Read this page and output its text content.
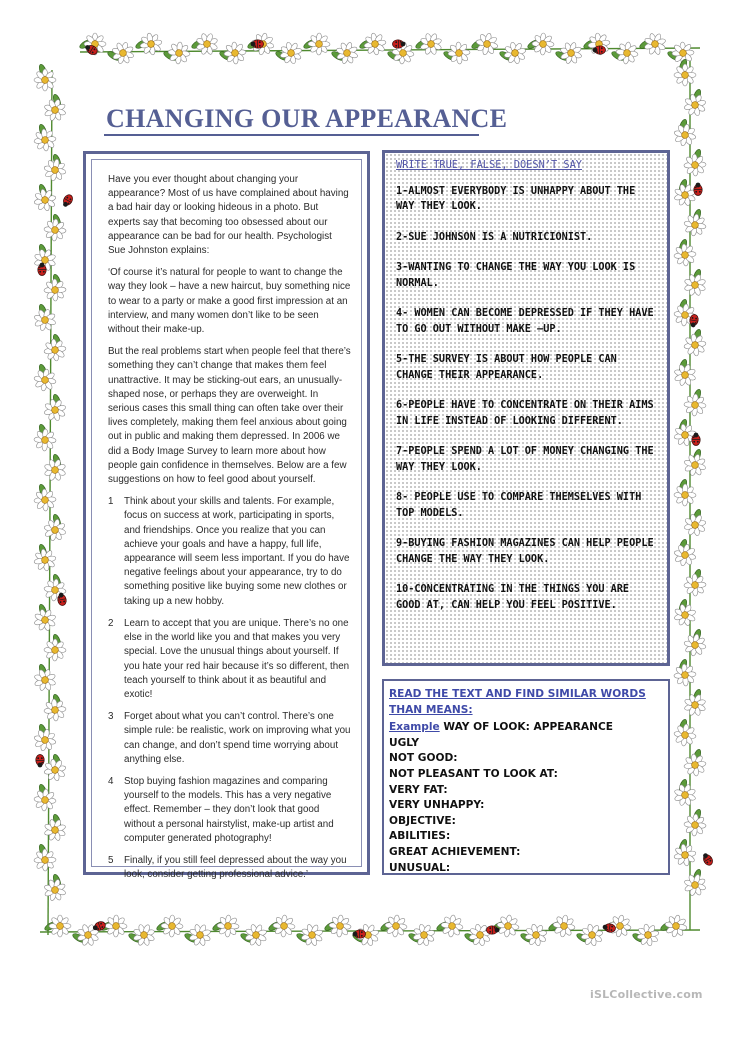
CHANGING OUR APPEARANCE

Have you ever thought about changing your appearance? Most of us have complained about having a bad hair day or looking hideous in a photo. But experts say that becoming too obsessed about our appearance can be bad for our health. Psychologist Sue Johnston explains:

‘Of course it’s natural for people to want to change the way they look – have a new haircut, buy something nice to wear to a party or make a good first impression at an interview, and many women don’t like to be seen without their make-up.

But the real problems start when people feel that there’s something they can’t change that makes them feel unattractive. It may be sticking-out ears, an unusually-shaped nose, or perhaps they are overweight. In serious cases this small thing can often take over their lives completely, making them feel anxious about going out in public and making them depressed. In 2006 we did a Body Image Survey to learn more about how people gain confidence in themselves. Below are a few suggestions on how to feel good about yourself.

1	Think about your skills and talents. For example, focus on success at work, participating in sports, and friendships. Once you realize that you can achieve your goals and have a happy, full life, appearance will seem less important. If you do have negative feelings about your appearance, try to do something positive like buying some new clothes or taking up a new hobby.
2	Learn to accept that you are unique. There’s no one else in the world like you and that makes you very special. Love the unusual things about yourself. If you hate your red hair because it’s so different, then teach yourself to think about it as beautiful and exotic!
3	Forget about what you can’t control. There’s one simple rule: be realistic, work on improving what you can change, and don’t spend time worrying about anything else.
4	Stop buying fashion magazines and comparing yourself to the models. This has a very negative effect. Remember – they don’t look that good without a personal hairstylist, make-up artist and computer generated photography!
5	Finally, if you still feel depressed about the way you look, consider getting professional advice.’
WRITE TRUE, FALSE, DOESN’T SAY
1-ALMOST EVERYBODY IS UNHAPPY ABOUT THE WAY THEY LOOK.
2-SUE JOHNSON IS A NUTRICIONIST.
3-WANTING TO CHANGE THE WAY YOU LOOK IS NORMAL.
4- WOMEN CAN BECOME DEPRESSED IF THEY HAVE TO GO OUT WITHOUT MAKE –UP.
5-THE SURVEY IS ABOUT HOW PEOPLE CAN CHANGE THEIR APPEARANCE.
6-PEOPLE HAVE TO CONCENTRATE ON THEIR AIMS IN LIFE INSTEAD OF LOOKING DIFFERENT.
7-PEOPLE SPEND A LOT OF MONEY CHANGING THE WAY THEY LOOK.
8- PEOPLE USE TO COMPARE THEMSELVES WITH TOP MODELS.
9-BUYING FASHION MAGAZINES CAN HELP PEOPLE CHANGE THE WAY THEY LOOK.
10-CONCENTRATING IN THE THINGS YOU ARE GOOD AT, CAN HELP YOU FEEL POSITIVE.
READ THE TEXT AND FIND SIMILAR WORDS THAN MEANS:
Example WAY OF LOOK: APPEARANCE
UGLY
NOT GOOD:
NOT PLEASANT TO LOOK AT:
VERY FAT:
VERY UNHAPPY:
OBJECTIVE:
ABILITIES:
GREAT ACHIEVEMENT:
UNUSUAL:
iSLCollective.com
